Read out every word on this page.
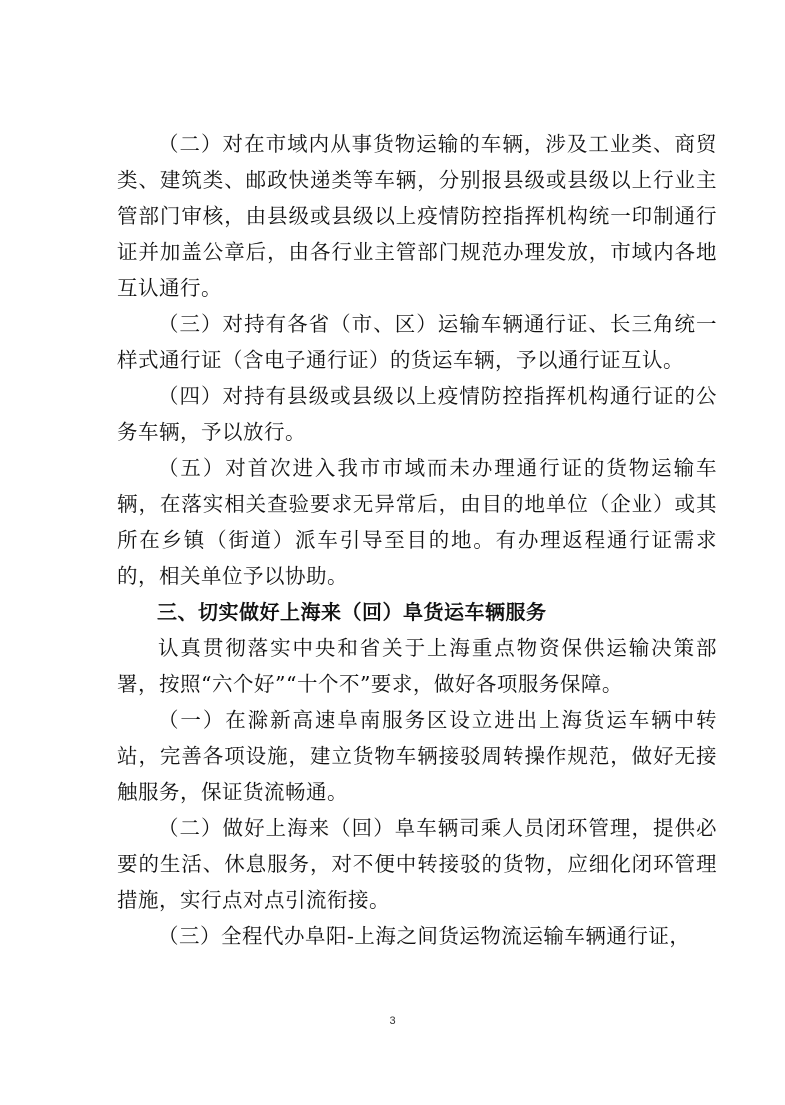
（二）对在市域内从事货物运输的车辆，涉及工业类、商贸类、建筑类、邮政快递类等车辆，分别报县级或县级以上行业主管部门审核，由县级或县级以上疫情防控指挥机构统一印制通行证并加盖公章后，由各行业主管部门规范办理发放，市域内各地互认通行。

（三）对持有各省（市、区）运输车辆通行证、长三角统一样式通行证（含电子通行证）的货运车辆，予以通行证互认。

（四）对持有县级或县级以上疫情防控指挥机构通行证的公务车辆，予以放行。

（五）对首次进入我市市域而未办理通行证的货物运输车辆，在落实相关查验要求无异常后，由目的地单位（企业）或其所在乡镇（街道）派车引导至目的地。有办理返程通行证需求的，相关单位予以协助。

三、切实做好上海来（回）阜货运车辆服务

认真贯彻落实中央和省关于上海重点物资保供运输决策部署，按照“六个好”“十个不”要求，做好各项服务保障。

（一）在滁新高速阜南服务区设立进出上海货运车辆中转站，完善各项设施，建立货物车辆接驳周转操作规范，做好无接触服务，保证货流畅通。

（二）做好上海来（回）阜车辆司乘人员闭环管理，提供必要的生活、休息服务，对不便中转接驳的货物，应细化闭环管理措施，实行点对点引流衔接。

（三）全程代办阜阳-上海之间货运物流运输车辆通行证，

3
